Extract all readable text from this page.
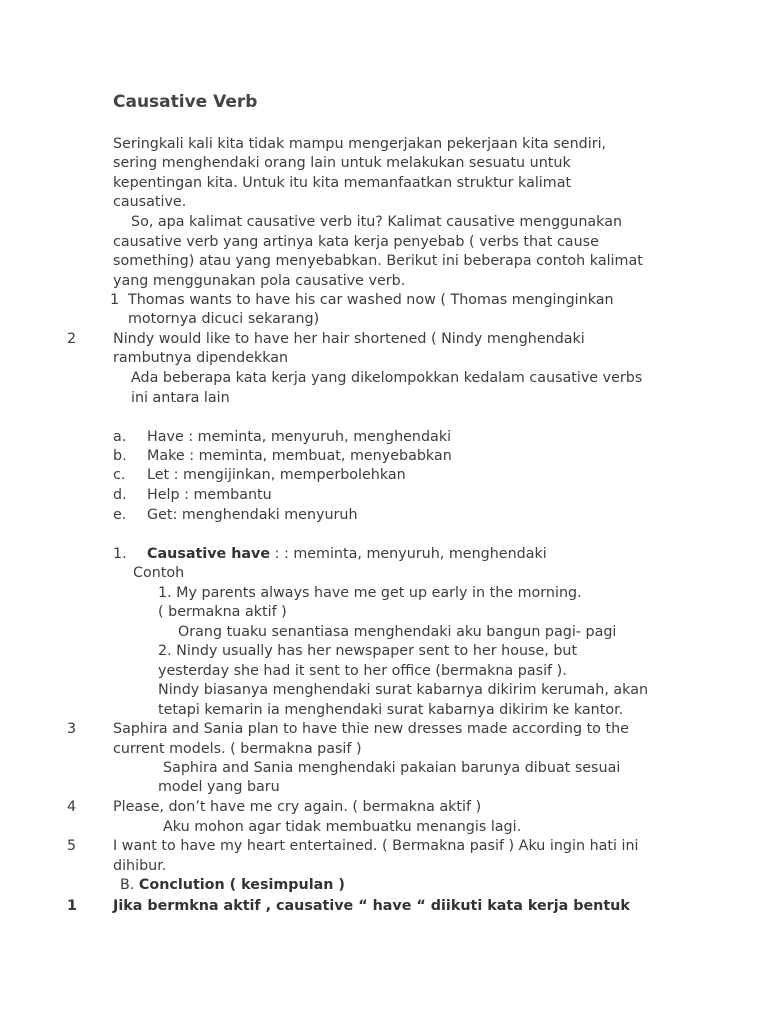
Causative Verb
Seringkali kali kita tidak mampu mengerjakan pekerjaan kita sendiri,
sering menghendaki orang lain untuk melakukan sesuatu untuk
kepentingan kita. Untuk itu kita memanfaatkan struktur kalimat
causative.
So, apa kalimat causative verb itu? Kalimat causative menggunakan
causative verb yang artinya kata kerja penyebab ( verbs that cause
something) atau yang menyebabkan. Berikut ini beberapa contoh kalimat
yang menggunakan pola causative verb.
1 Thomas wants to have his car washed now ( Thomas menginginkan
motornya dicuci sekarang)
2	Nindy would like to have her hair shortened ( Nindy menghendaki
rambutnya dipendekkan
Ada beberapa kata kerja yang dikelompokkan kedalam causative verbs
ini antara lain
a. Have : meminta, menyuruh, menghendaki
b. Make : meminta, membuat, menyebabkan
c. Let : mengijinkan, memperbolehkan
d. Help : membantu
e. Get: menghendaki menyuruh
1. Causative have : : meminta, menyuruh, menghendaki
Contoh
1. My parents always have me get up early in the morning.
( bermakna aktif )
Orang tuaku senantiasa menghendaki aku bangun pagi- pagi
2. Nindy usually has her newspaper sent to her house, but
yesterday she had it sent to her office (bermakna pasif ).
Nindy biasanya menghendaki surat kabarnya dikirim kerumah, akan
tetapi kemarin ia menghendaki surat kabarnya dikirim ke kantor.
3	Saphira and Sania plan to have thie new dresses made according to the
current models. ( bermakna pasif )
Saphira and Sania menghendaki pakaian barunya dibuat sesuai
model yang baru
4	Please, don’t have me cry again. ( bermakna aktif )
Aku mohon agar tidak membuatku menangis lagi.
5	I want to have my heart entertained. ( Bermakna pasif ) Aku ingin hati ini
dihibur.
B. Conclution ( kesimpulan )
1	Jika bermkna aktif , causative “ have “ diikuti kata kerja bentuk
